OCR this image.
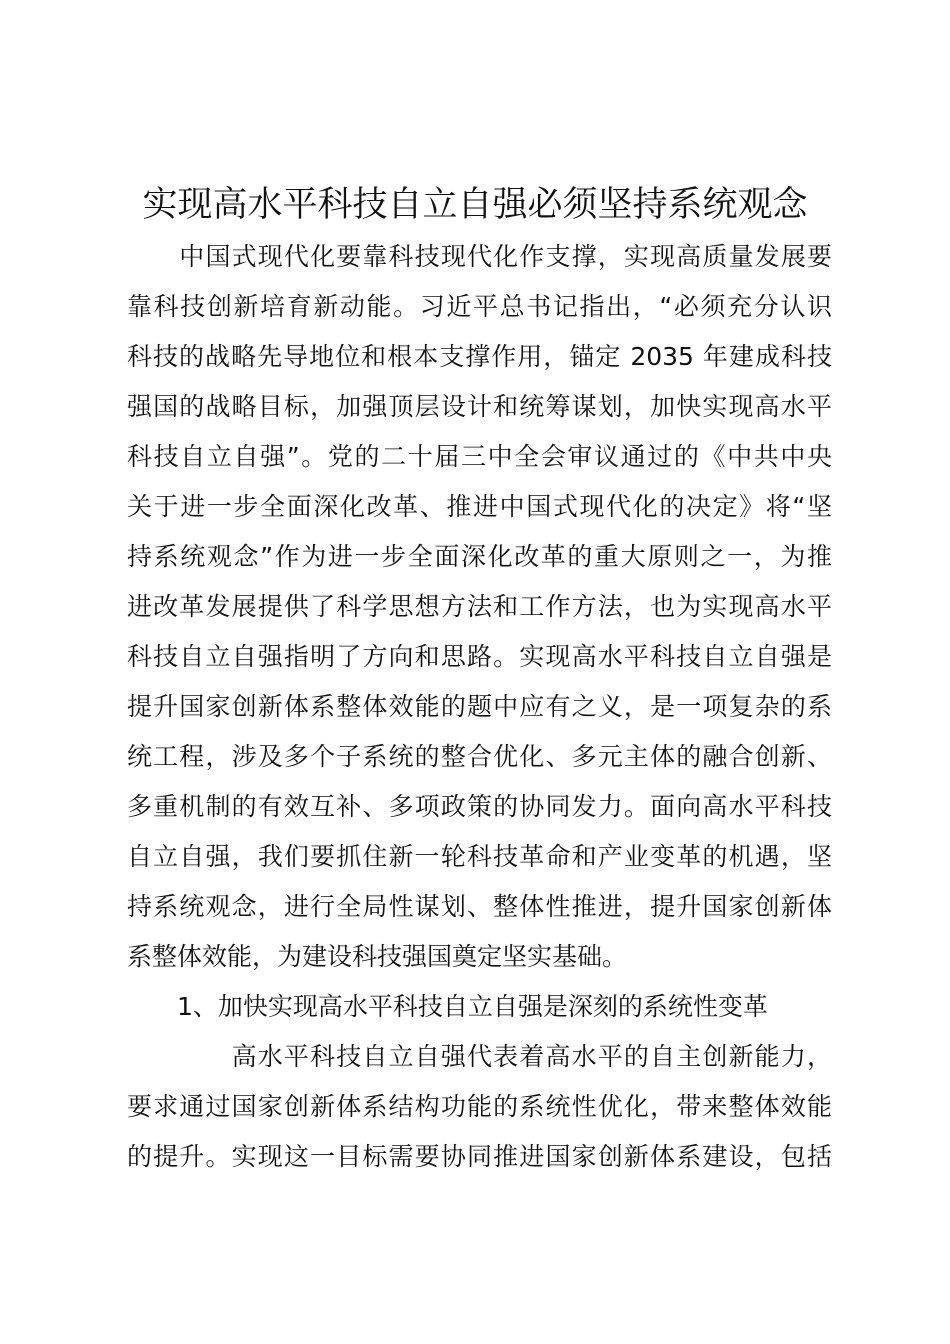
实现高水平科技自立自强必须坚持系统观念
　　中国式现代化要靠科技现代化作支撑，实现高质量发展要
靠科技创新培育新动能。习近平总书记指出，“必须充分认识
科技的战略先导地位和根本支撑作用，锚定 2035 年建成科技
强国的战略目标，加强顶层设计和统筹谋划，加快实现高水平
科技自立自强”。党的二十届三中全会审议通过的《中共中央
关于进一步全面深化改革、推进中国式现代化的决定》将“坚
持系统观念”作为进一步全面深化改革的重大原则之一，为推
进改革发展提供了科学思想方法和工作方法，也为实现高水平
科技自立自强指明了方向和思路。实现高水平科技自立自强是
提升国家创新体系整体效能的题中应有之义，是一项复杂的系
统工程，涉及多个子系统的整合优化、多元主体的融合创新、
多重机制的有效互补、多项政策的协同发力。面向高水平科技
自立自强，我们要抓住新一轮科技革命和产业变革的机遇，坚
持系统观念，进行全局性谋划、整体性推进，提升国家创新体
系整体效能，为建设科技强国奠定坚实基础。
　　1、加快实现高水平科技自立自强是深刻的系统性变革
　　　　高水平科技自立自强代表着高水平的自主创新能力，
要求通过国家创新体系结构功能的系统性优化，带来整体效能
的提升。实现这一目标需要协同推进国家创新体系建设，包括
